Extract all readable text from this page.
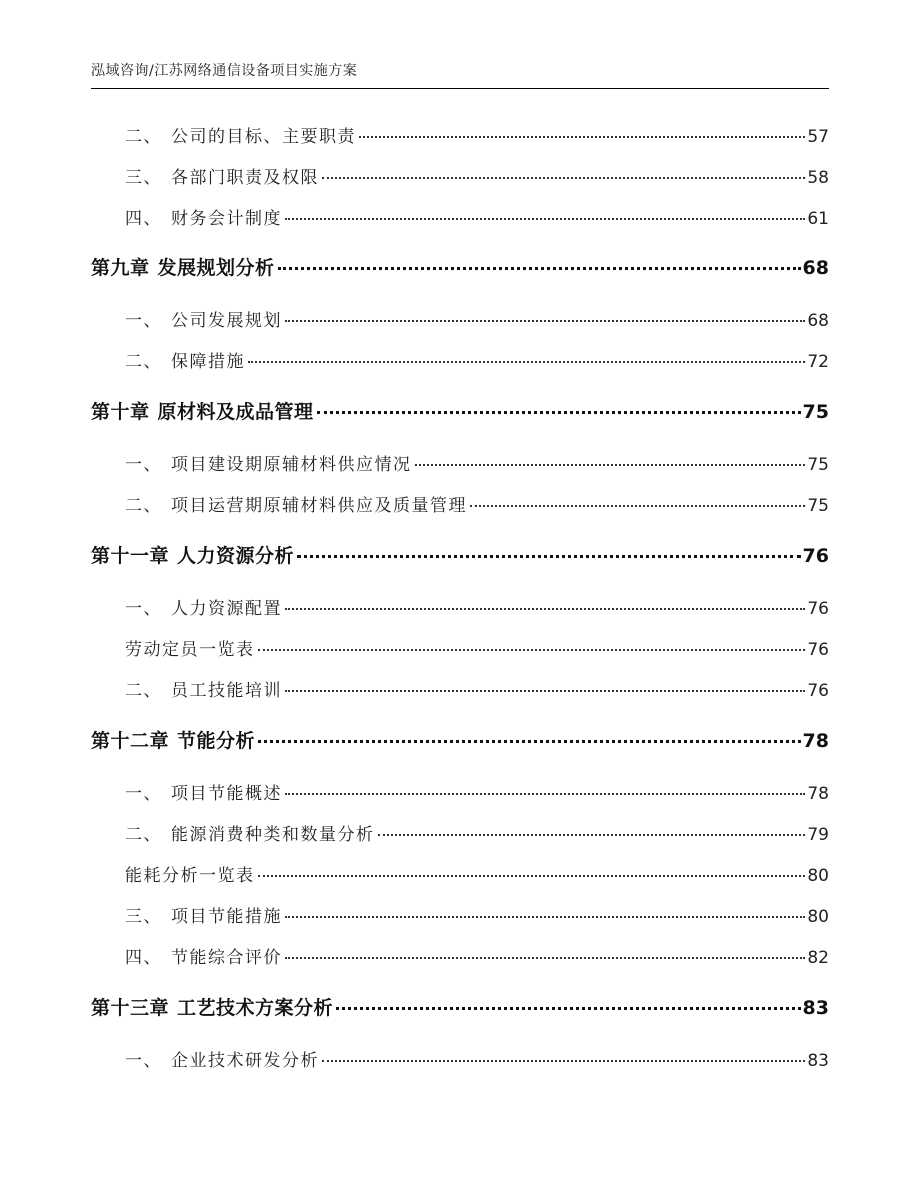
泓域咨询/江苏网络通信设备项目实施方案
二、 公司的目标、主要职责	57
三、 各部门职责及权限	58
四、 财务会计制度	61
第九章 发展规划分析	68
一、 公司发展规划	68
二、 保障措施	72
第十章 原材料及成品管理	75
一、 项目建设期原辅材料供应情况	75
二、 项目运营期原辅材料供应及质量管理	75
第十一章 人力资源分析	76
一、 人力资源配置	76
劳动定员一览表	76
二、 员工技能培训	76
第十二章 节能分析	78
一、 项目节能概述	78
二、 能源消费种类和数量分析	79
能耗分析一览表	80
三、 项目节能措施	80
四、 节能综合评价	82
第十三章 工艺技术方案分析	83
一、 企业技术研发分析	83
